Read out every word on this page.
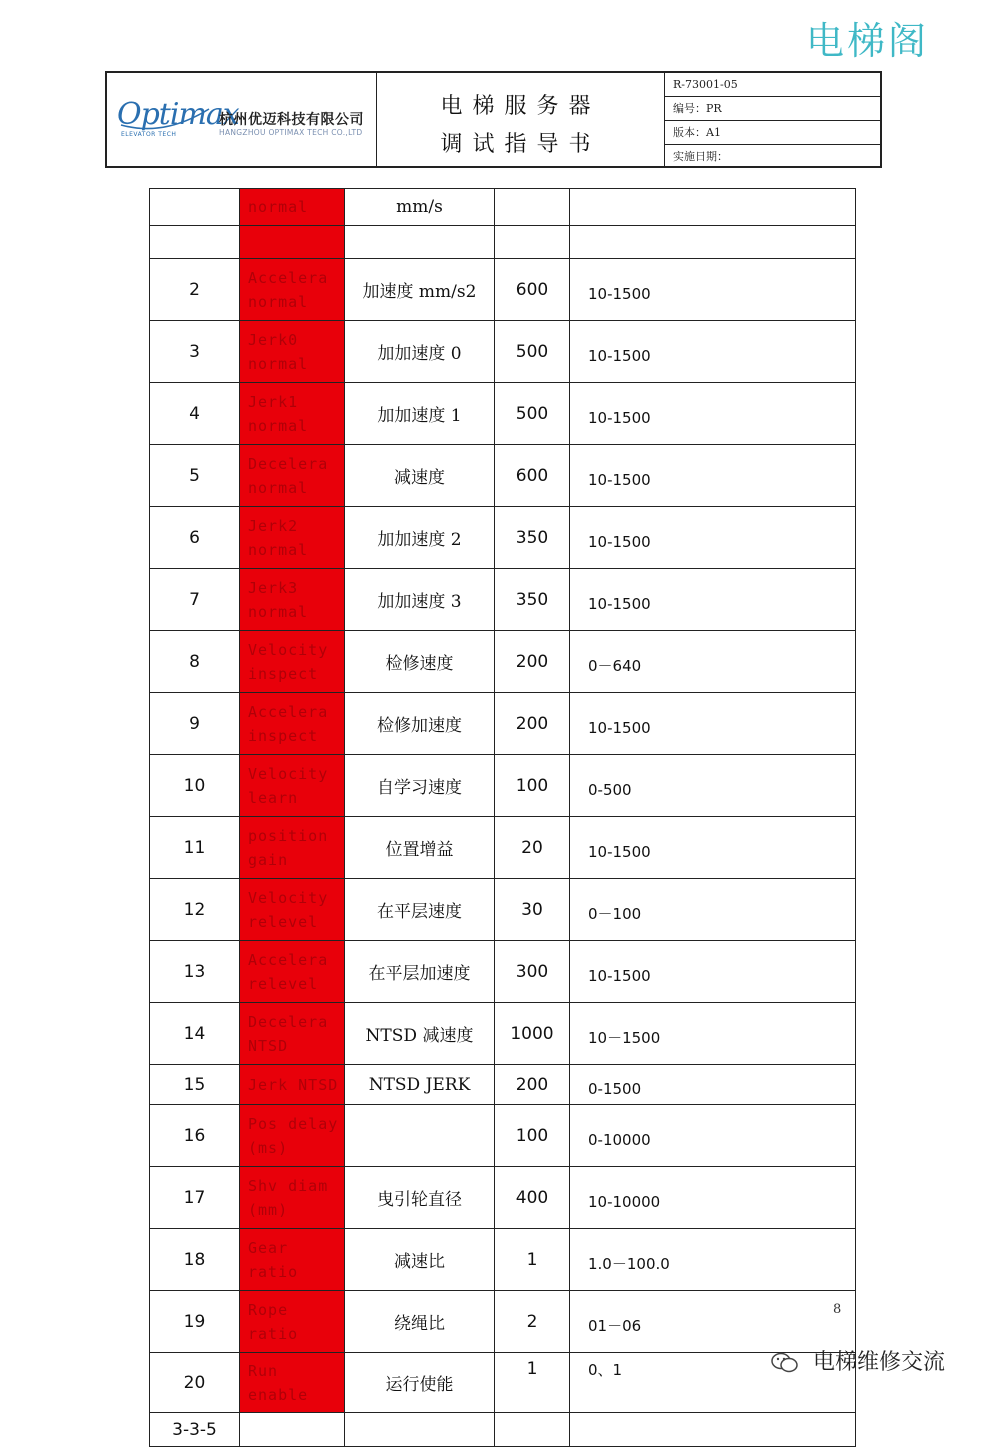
电梯阁
Optimax
ELEVATOR TECH
杭州优迈科技有限公司
HANGZHOU OPTIMAX TECH CO.,LTD
电梯服务器
调试指导书
R-73001-05
编号：PR
版本：A1
实施日期：
	normal	mm/s		

2	Accelera normal	加速度 mm/s2	600	10-1500
3	Jerk0 normal	加加速度 0	500	10-1500
4	Jerk1 normal	加加速度 1	500	10-1500
5	Decelera normal	减速度	600	10-1500
6	Jerk2 normal	加加速度 2	350	10-1500
7	Jerk3 normal	加加速度 3	350	10-1500
8	Velocity inspect	检修速度	200	0－640
9	Accelera inspect	检修加速度	200	10-1500
10	Velocity learn	自学习速度	100	0-500
11	position gain	位置增益	20	10-1500
12	Velocity relevel	在平层速度	30	0－100
13	Accelera relevel	在平层加速度	300	10-1500
14	Decelera NTSD	NTSD 减速度	1000	10－1500
15	Jerk NTSD	NTSD JERK	200	0-1500
16	Pos delay (ms)		100	0-10000
17	Shv diam (mm)	曳引轮直径	400	10-10000
18	Gear ratio	减速比	1	1.0－100.0
19	Rope ratio	绕绳比	2	01－06
20	Run enable	运行使能	1	0、1
3-3-5				
8
电梯维修交流
